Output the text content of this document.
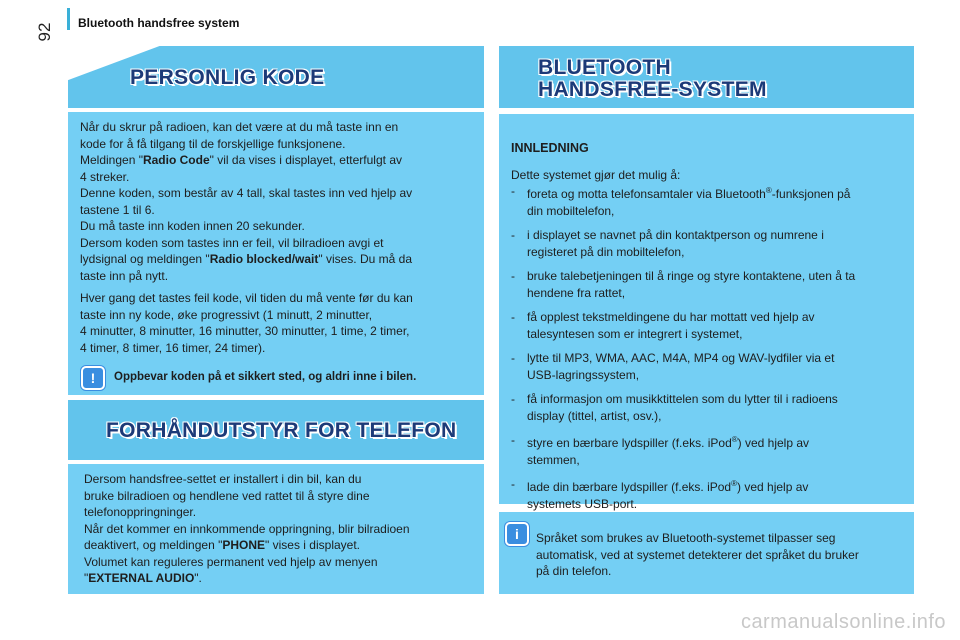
92 Bluetooth handsfree system
PERSONLIG KODE

Når du skrur på radioen, kan det være at du må taste inn en

kode for å få tilgang til de forskjellige funksjonene.

Meldingen "Radio Code" vil da vises i displayet, etterfulgt av

4 streker.

Denne koden, som består av 4 tall, skal tastes inn ved hjelp av

tastene 1 til 6.

Du må taste inn koden innen 20 sekunder.

Dersom koden som tastes inn er feil, vil bilradioen avgi et

lydsignal og meldingen "Radio blocked/wait" vises. Du må da

taste inn på nytt.

Hver gang det tastes feil kode, vil tiden du må vente før du kan

taste inn ny kode, øke progressivt (1 minutt, 2 minutter,

4 minutter, 8 minutter, 16 minutter, 30 minutter, 1 time, 2 timer,

4 timer, 8 timer, 16 timer, 24 timer).

!	Oppbevar koden på et sikkert sted, og aldri inne i bilen.
FORHÅNDUTSTYR FOR TELEFON

Dersom handsfree-settet er installert i din bil, kan du

bruke bilradioen og hendlene ved rattet til å styre dine

telefonoppringninger.

Når det kommer en innkommende oppringning, blir bilradioen

deaktivert, og meldingen "PHONE" vises i displayet.

Volumet kan reguleres permanent ved hjelp av menyen

"EXTERNAL AUDIO".

BLUETOOTH
HANDSFREE-SYSTEM
INNLEDNING

Dette systemet gjør det mulig å:

- foreta og motta telefonsamtaler via Bluetooth®-funksjonen på
din mobiltelefon,
- i displayet se navnet på din kontaktperson og numrene i
registeret på din mobiltelefon,
- bruke talebetjeningen til å ringe og styre kontaktene, uten å ta
hendene fra rattet,
- få opplest tekstmeldingene du har mottatt ved hjelp av
talesyntesen som er integrert i systemet,
- lytte til MP3, WMA, AAC, M4A, MP4 og WAV-lydfiler via et
USB-lagringssystem,
- få informasjon om musikktittelen som du lytter til i radioens
display (tittel, artist, osv.),
- styre en bærbare lydspiller (f.eks. iPod®) ved hjelp av
stemmen,
- lade din bærbare lydspiller (f.eks. iPod®) ved hjelp av
systemets USB-port.
i	Språket som brukes av Bluetooth-systemet tilpasser seg

automatisk, ved at systemet detekterer det språket du bruker

på din telefon.

carmanualsonline.info
